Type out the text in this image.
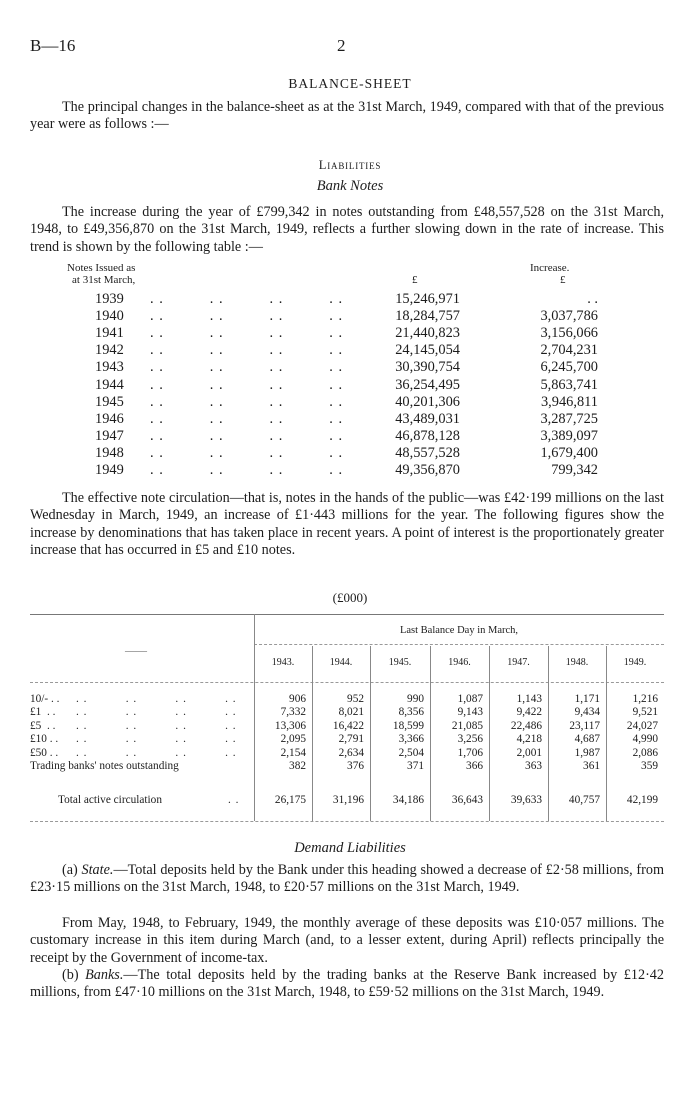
B—16	2
BALANCE-SHEET
The principal changes in the balance-sheet as at the 31st March, 1949, compared with that of the previous year were as follows :—
Liabilities
Bank Notes
The increase during the year of £799,342 in notes outstanding from £48,557,528 on the 31st March, 1948, to £49,356,870 on the 31st March, 1949, reflects a further slowing down in the rate of increase. This trend is shown by the following table :—
Notes Issued as
at 31st March,	£
Increase.
£
1939 . .          . .          . .          . .	15,246,971	. .
1940 . .          . .          . .          . .	18,284,757	3,037,786
1941 . .          . .          . .          . .	21,440,823	3,156,066
1942 . .          . .          . .          . .	24,145,054	2,704,231
1943 . .          . .          . .          . .	30,390,754	6,245,700
1944 . .          . .          . .          . .	36,254,495	5,863,741
1945 . .          . .          . .          . .	40,201,306	3,946,811
1946 . .          . .          . .          . .	43,489,031	3,287,725
1947 . .          . .          . .          . .	46,878,128	3,389,097
1948 . .          . .          . .          . .	48,557,528	1,679,400
1949 . .          . .          . .          . .	49,356,870	799,342
The effective note circulation—that is, notes in the hands of the public—was £42·199 millions on the last Wednesday in March, 1949, an increase of £1·443 millions for the year. The following figures show the increase by denominations that has taken place in recent years. A point of interest is the proportionately greater increase that has occurred in £5 and £10 notes.
(£000)
Last Balance Day in March,
——
1943.	1944.	1945.	1946.	1947.	1948.	1949.
10/- . . . .          . .          . .          . .	906	952	990	1,087	1,143	1,171	1,216
£1  . . . .          . .          . .          . .	7,332	8,021	8,356	9,143	9,422	9,434	9,521
£5  . . . .          . .          . .          . .	13,306	16,422	18,599	21,085	22,486	23,117	24,027
£10 . . . .          . .          . .          . .	2,095	2,791	3,366	3,256	4,218	4,687	4,990
£50 . . . .          . .          . .          . .	2,154	2,634	2,504	1,706	2,001	1,987	2,086
Trading banks' notes outstanding	382	376	371	366	363	361	359
Total active circulation	. .	26,175	31,196	34,186	36,643	39,633	40,757	42,199
Demand Liabilities
(a) State.—Total deposits held by the Bank under this heading showed a decrease of £2·58 millions, from £23·15 millions on the 31st March, 1948, to £20·57 millions on the 31st March, 1949.
From May, 1948, to February, 1949, the monthly average of these deposits was £10·057 millions. The customary increase in this item during March (and, to a lesser extent, during April) reflects principally the receipt by the Government of income-tax.
(b) Banks.—The total deposits held by the trading banks at the Reserve Bank increased by £12·42 millions, from £47·10 millions on the 31st March, 1948, to £59·52 millions on the 31st March, 1949.
